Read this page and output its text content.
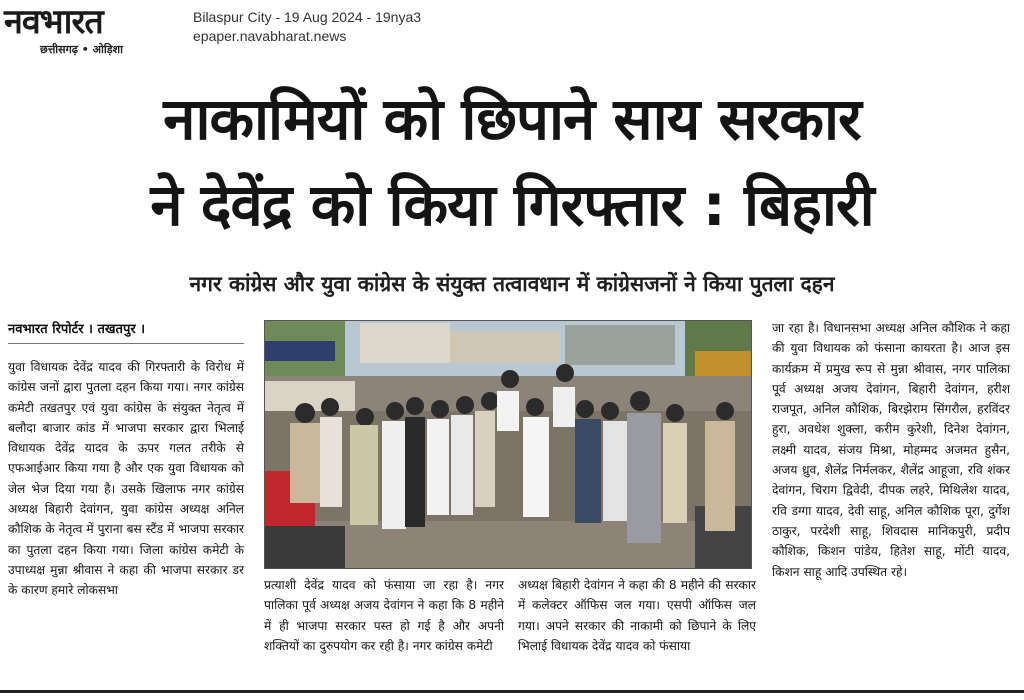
नवभारत
छत्तीसगढ़ • ओड़िशा
Bilaspur City - 19 Aug 2024 - 19nya3
epaper.navabharat.news
नाकामियों को छिपाने साय सरकार
ने देवेंद्र को किया गिरफ्तार : बिहारी
नगर कांग्रेस और युवा कांग्रेस के संयुक्त तत्वावधान में कांग्रेसजनों ने किया पुतला दहन
नवभारत रिपोर्टर । तखतपुर ।

युवा विधायक देवेंद्र यादव की गिरफ्तारी के विरोध में कांग्रेस जनों द्वारा पुतला दहन किया गया। नगर कांग्रेस कमेटी तखतपुर एवं युवा कांग्रेस के संयुक्त नेतृत्व में बलौदा बाजार कांड में भाजपा सरकार द्वारा भिलाई विधायक देवेंद्र यादव के ऊपर गलत तरीके से एफआईआर किया गया है और एक युवा विधायक को जेल भेज दिया गया है। उसके खिलाफ नगर कांग्रेस अध्यक्ष बिहारी देवांगन, युवा कांग्रेस अध्यक्ष अनिल कौशिक के नेतृत्व में पुराना बस स्टैंड में भाजपा सरकार का पुतला दहन किया गया। जिला कांग्रेस कमेटी के उपाध्यक्ष मुन्ना श्रीवास ने कहा की भाजपा सरकार डर के कारण हमारे लोकसभा	प्रत्याशी देवेंद्र यादव को फंसाया जा रहा है। नगर पालिका पूर्व अध्यक्ष अजय देवांगन ने कहा कि 8 महीने में ही भाजपा सरकार पस्त हो गई है और अपनी शक्तियों का दुरुपयोग कर रही है। नगर कांग्रेस कमेटी

अध्यक्ष बिहारी देवांगन ने कहा की 8 महीने की सरकार में कलेक्टर ऑफिस जल गया। एसपी ऑफिस जल गया। अपने सरकार की नाकामी को छिपाने के लिए भिलाई विधायक देवेंद्र यादव को फंसाया

जा रहा है। विधानसभा अध्यक्ष अनिल कौशिक ने कहा की युवा विधायक को फंसाना कायरता है। आज इस कार्यक्रम में प्रमुख रूप से मुन्ना श्रीवास, नगर पालिका पूर्व अध्यक्ष अजय देवांगन, बिहारी देवांगन, हरीश राजपूत, अनिल कौशिक, बिरझेराम सिंगरौल, हरविंदर हुरा, अवधेश शुक्ला, करीम कुरेशी, दिनेश देवांगन, लक्ष्मी यादव, संजय मिश्रा, मोहम्मद अजमत हुसैन, अजय ध्रुव, शैलेंद्र निर्मलकर, शैलेंद्र आहूजा, रवि शंकर देवांगन, चिराग द्विवेदी, दीपक लहरे, मिथिलेश यादव, रवि डग्गा यादव, देवी साहू, अनिल कौशिक पूरा, दुर्गेश ठाकुर, परदेशी साहू, शिवदास मानिकपुरी, प्रदीप कौशिक, किशन पांडेय, हितेश साहू, मोंटी यादव, किशन साहू आदि उपस्थित रहे।
